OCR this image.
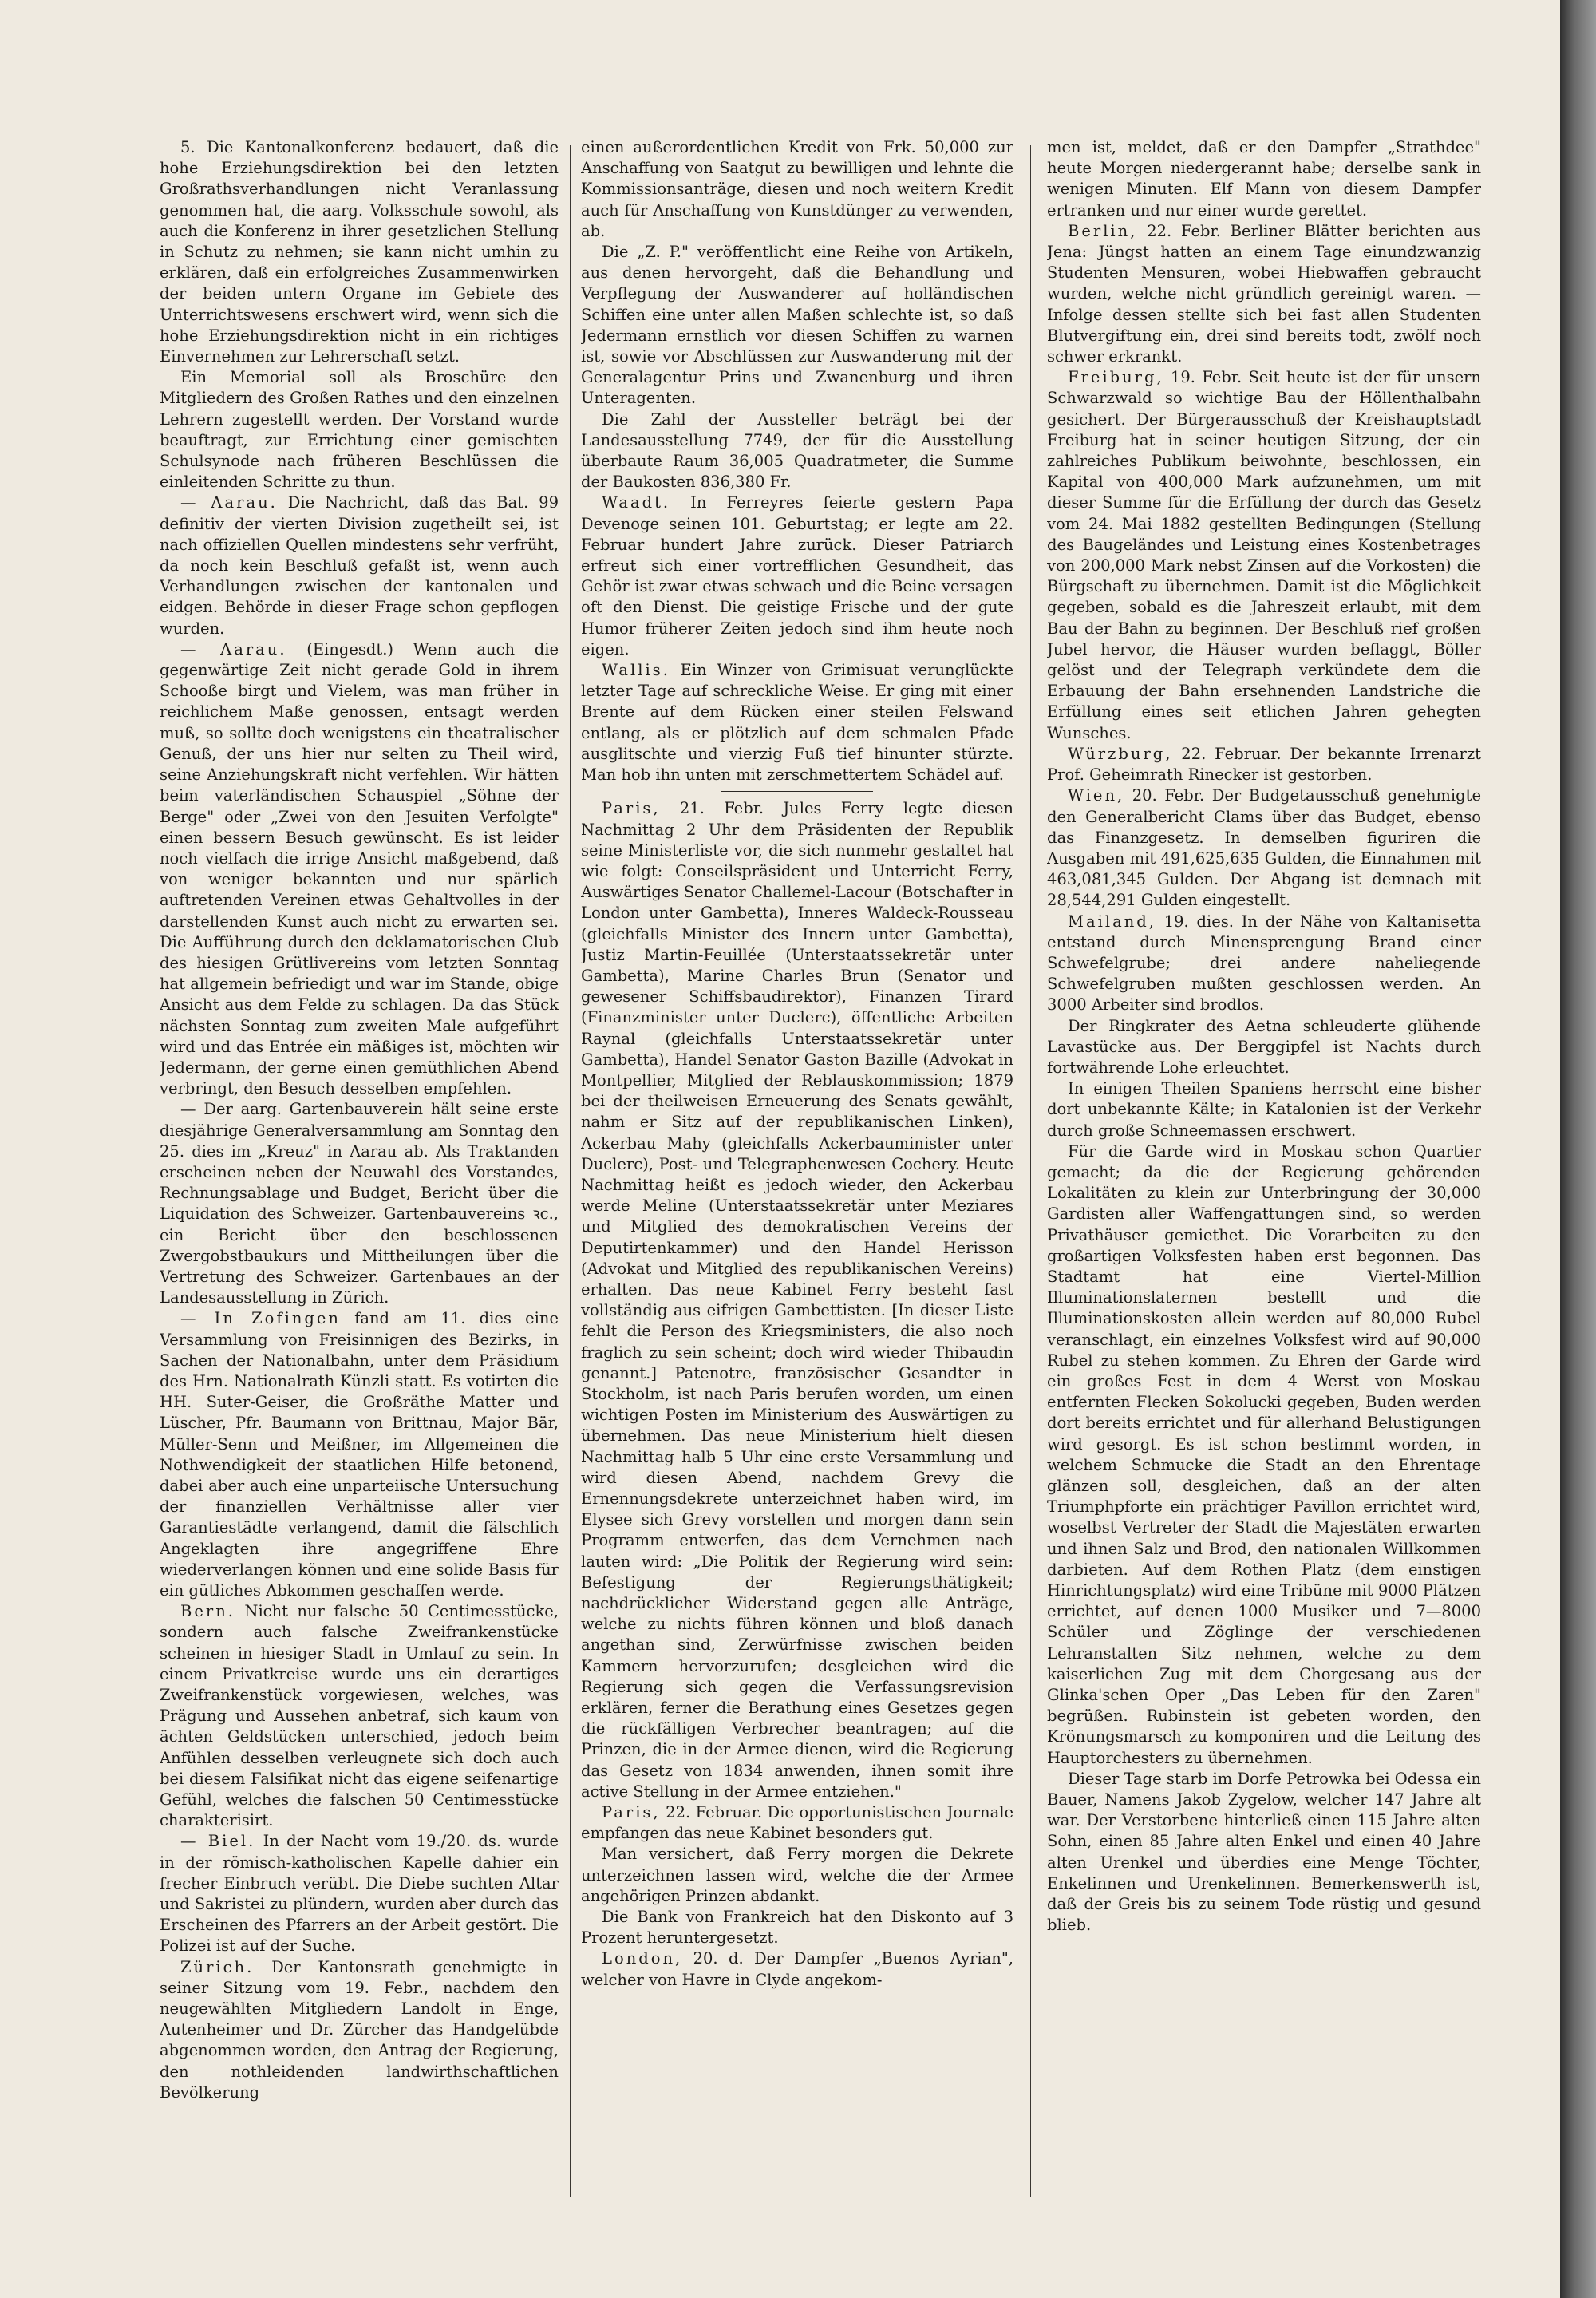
5. Die Kantonalkonferenz bedauert, daß die hohe Erziehungsdirektion bei den letzten Großrathsverhandlungen nicht Veranlassung genommen hat, die aarg. Volksschule sowohl, als auch die Konferenz in ihrer gesetzlichen Stellung in Schutz zu nehmen; sie kann nicht umhin zu erklären, daß ein erfolgreiches Zusammenwirken der beiden untern Organe im Gebiete des Unterrichtswesens erschwert wird, wenn sich die hohe Erziehungsdirektion nicht in ein richtiges Einvernehmen zur Lehrerschaft setzt.

Ein Memorial soll als Broschüre den Mitgliedern des Großen Rathes und den einzelnen Lehrern zugestellt werden. Der Vorstand wurde beauftragt, zur Errichtung einer gemischten Schulsynode nach früheren Beschlüssen die einleitenden Schritte zu thun.

— Aarau. Die Nachricht, daß das Bat. 99 definitiv der vierten Division zugetheilt sei, ist nach offiziellen Quellen mindestens sehr verfrüht, da noch kein Beschluß gefaßt ist, wenn auch Verhandlungen zwischen der kantonalen und eidgen. Behörde in dieser Frage schon gepflogen wurden.

— Aarau. (Eingesdt.) Wenn auch die gegenwärtige Zeit nicht gerade Gold in ihrem Schooße birgt und Vielem, was man früher in reichlichem Maße genossen, entsagt werden muß, so sollte doch wenigstens ein theatralischer Genuß, der uns hier nur selten zu Theil wird, seine Anziehungskraft nicht verfehlen. Wir hätten beim vaterländischen Schauspiel „Söhne der Berge" oder „Zwei von den Jesuiten Verfolgte" einen bessern Besuch gewünscht. Es ist leider noch vielfach die irrige Ansicht maßgebend, daß von weniger bekannten und nur spärlich auftretenden Vereinen etwas Gehaltvolles in der darstellenden Kunst auch nicht zu erwarten sei. Die Aufführung durch den deklamatorischen Club des hiesigen Grütlivereins vom letzten Sonntag hat allgemein befriedigt und war im Stande, obige Ansicht aus dem Felde zu schlagen. Da das Stück nächsten Sonntag zum zweiten Male aufgeführt wird und das Entrée ein mäßiges ist, möchten wir Jedermann, der gerne einen gemüthlichen Abend verbringt, den Besuch desselben empfehlen.

— Der aarg. Gartenbauverein hält seine erste diesjährige Generalversammlung am Sonntag den 25. dies im „Kreuz" in Aarau ab. Als Traktanden erscheinen neben der Neuwahl des Vorstandes, Rechnungsablage und Budget, Bericht über die Liquidation des Schweizer. Gartenbauvereins ꝛc., ein Bericht über den beschlossenen Zwergobstbaukurs und Mittheilungen über die Vertretung des Schweizer. Gartenbaues an der Landesausstellung in Zürich.

— In Zofingen fand am 11. dies eine Versammlung von Freisinnigen des Bezirks, in Sachen der Nationalbahn, unter dem Präsidium des Hrn. Nationalrath Künzli statt. Es votirten die HH. Suter-Geiser, die Großräthe Matter und Lüscher, Pfr. Baumann von Brittnau, Major Bär, Müller-Senn und Meißner, im Allgemeinen die Nothwendigkeit der staatlichen Hilfe betonend, dabei aber auch eine unparteiische Untersuchung der finanziellen Verhältnisse aller vier Garantiestädte verlangend, damit die fälschlich Angeklagten ihre angegriffene Ehre wiederverlangen können und eine solide Basis für ein gütliches Abkommen geschaffen werde.

Bern. Nicht nur falsche 50 Centimesstücke, sondern auch falsche Zweifrankenstücke scheinen in hiesiger Stadt in Umlauf zu sein. In einem Privatkreise wurde uns ein derartiges Zweifrankenstück vorgewiesen, welches, was Prägung und Aussehen anbetraf, sich kaum von ächten Geldstücken unterschied, jedoch beim Anfühlen desselben verleugnete sich doch auch bei diesem Falsifikat nicht das eigene seifenartige Gefühl, welches die falschen 50 Centimesstücke charakterisirt.

— Biel. In der Nacht vom 19./20. ds. wurde in der römisch-katholischen Kapelle dahier ein frecher Einbruch verübt. Die Diebe suchten Altar und Sakristei zu plündern, wurden aber durch das Erscheinen des Pfarrers an der Arbeit gestört. Die Polizei ist auf der Suche.

Zürich. Der Kantonsrath genehmigte in seiner Sitzung vom 19. Febr., nachdem den neugewählten Mitgliedern Landolt in Enge, Autenheimer und Dr. Zürcher das Handgelübde abgenommen worden, den Antrag der Regierung, den nothleidenden landwirthschaftlichen Bevölkerung

einen außerordentlichen Kredit von Frk. 50,000 zur Anschaffung von Saatgut zu bewilligen und lehnte die Kommissionsanträge, diesen und noch weitern Kredit auch für Anschaffung von Kunstdünger zu verwenden, ab.

Die „Z. P." veröffentlicht eine Reihe von Artikeln, aus denen hervorgeht, daß die Behandlung und Verpflegung der Auswanderer auf holländischen Schiffen eine unter allen Maßen schlechte ist, so daß Jedermann ernstlich vor diesen Schiffen zu warnen ist, sowie vor Abschlüssen zur Auswanderung mit der Generalagentur Prins und Zwanenburg und ihren Unteragenten.

Die Zahl der Aussteller beträgt bei der Landesausstellung 7749, der für die Ausstellung überbaute Raum 36,005 Quadratmeter, die Summe der Baukosten 836,380 Fr.

Waadt. In Ferreyres feierte gestern Papa Devenoge seinen 101. Geburtstag; er legte am 22. Februar hundert Jahre zurück. Dieser Patriarch erfreut sich einer vortrefflichen Gesundheit, das Gehör ist zwar etwas schwach und die Beine versagen oft den Dienst. Die geistige Frische und der gute Humor früherer Zeiten jedoch sind ihm heute noch eigen.

Wallis. Ein Winzer von Grimisuat verunglückte letzter Tage auf schreckliche Weise. Er ging mit einer Brente auf dem Rücken einer steilen Felswand entlang, als er plötzlich auf dem schmalen Pfade ausglitschte und vierzig Fuß tief hinunter stürzte. Man hob ihn unten mit zerschmettertem Schädel auf.

Paris, 21. Febr. Jules Ferry legte diesen Nachmittag 2 Uhr dem Präsidenten der Republik seine Ministerliste vor, die sich nunmehr gestaltet hat wie folgt: Conseilspräsident und Unterricht Ferry, Auswärtiges Senator Challemel-Lacour (Botschafter in London unter Gambetta), Inneres Waldeck-Rousseau (gleichfalls Minister des Innern unter Gambetta), Justiz Martin-Feuillée (Unterstaatssekretär unter Gambetta), Marine Charles Brun (Senator und gewesener Schiffsbaudirektor), Finanzen Tirard (Finanzminister unter Duclerc), öffentliche Arbeiten Raynal (gleichfalls Unterstaatssekretär unter Gambetta), Handel Senator Gaston Bazille (Advokat in Montpellier, Mitglied der Reblauskommission; 1879 bei der theilweisen Erneuerung des Senats gewählt, nahm er Sitz auf der republikanischen Linken), Ackerbau Mahy (gleichfalls Ackerbauminister unter Duclerc), Post- und Telegraphenwesen Cochery. Heute Nachmittag heißt es jedoch wieder, den Ackerbau werde Meline (Unterstaatssekretär unter Meziares und Mitglied des demokratischen Vereins der Deputirtenkammer) und den Handel Herisson (Advokat und Mitglied des republikanischen Vereins) erhalten. Das neue Kabinet Ferry besteht fast vollständig aus eifrigen Gambettisten. [In dieser Liste fehlt die Person des Kriegsministers, die also noch fraglich zu sein scheint; doch wird wieder Thibaudin genannt.] Patenotre, französischer Gesandter in Stockholm, ist nach Paris berufen worden, um einen wichtigen Posten im Ministerium des Auswärtigen zu übernehmen. Das neue Ministerium hielt diesen Nachmittag halb 5 Uhr eine erste Versammlung und wird diesen Abend, nachdem Grevy die Ernennungsdekrete unterzeichnet haben wird, im Elysee sich Grevy vorstellen und morgen dann sein Programm entwerfen, das dem Vernehmen nach lauten wird: „Die Politik der Regierung wird sein: Befestigung der Regierungsthätigkeit; nachdrücklicher Widerstand gegen alle Anträge, welche zu nichts führen können und bloß danach angethan sind, Zerwürfnisse zwischen beiden Kammern hervorzurufen; desgleichen wird die Regierung sich gegen die Verfassungsrevision erklären, ferner die Berathung eines Gesetzes gegen die rückfälligen Verbrecher beantragen; auf die Prinzen, die in der Armee dienen, wird die Regierung das Gesetz von 1834 anwenden, ihnen somit ihre active Stellung in der Armee entziehen."

Paris, 22. Februar. Die opportunistischen Journale empfangen das neue Kabinet besonders gut.

Man versichert, daß Ferry morgen die Dekrete unterzeichnen lassen wird, welche die der Armee angehörigen Prinzen abdankt.

Die Bank von Frankreich hat den Diskonto auf 3 Prozent heruntergesetzt.

London, 20. d. Der Dampfer „Buenos Ayrian", welcher von Havre in Clyde angekom-

men ist, meldet, daß er den Dampfer „Strathdee" heute Morgen niedergerannt habe; derselbe sank in wenigen Minuten. Elf Mann von diesem Dampfer ertranken und nur einer wurde gerettet.

Berlin, 22. Febr. Berliner Blätter berichten aus Jena: Jüngst hatten an einem Tage einundzwanzig Studenten Mensuren, wobei Hiebwaffen gebraucht wurden, welche nicht gründlich gereinigt waren. — Infolge dessen stellte sich bei fast allen Studenten Blutvergiftung ein, drei sind bereits todt, zwölf noch schwer erkrankt.

Freiburg, 19. Febr. Seit heute ist der für unsern Schwarzwald so wichtige Bau der Höllenthalbahn gesichert. Der Bürgerausschuß der Kreishauptstadt Freiburg hat in seiner heutigen Sitzung, der ein zahlreiches Publikum beiwohnte, beschlossen, ein Kapital von 400,000 Mark aufzunehmen, um mit dieser Summe für die Erfüllung der durch das Gesetz vom 24. Mai 1882 gestellten Bedingungen (Stellung des Baugeländes und Leistung eines Kostenbetrages von 200,000 Mark nebst Zinsen auf die Vorkosten) die Bürgschaft zu übernehmen. Damit ist die Möglichkeit gegeben, sobald es die Jahreszeit erlaubt, mit dem Bau der Bahn zu beginnen. Der Beschluß rief großen Jubel hervor, die Häuser wurden beflaggt, Böller gelöst und der Telegraph verkündete dem die Erbauung der Bahn ersehnenden Landstriche die Erfüllung eines seit etlichen Jahren gehegten Wunsches.

Würzburg, 22. Februar. Der bekannte Irrenarzt Prof. Geheimrath Rinecker ist gestorben.

Wien, 20. Febr. Der Budgetausschuß genehmigte den Generalbericht Clams über das Budget, ebenso das Finanzgesetz. In demselben figuriren die Ausgaben mit 491,625,635 Gulden, die Einnahmen mit 463,081,345 Gulden. Der Abgang ist demnach mit 28,544,291 Gulden eingestellt.

Mailand, 19. dies. In der Nähe von Kaltanisetta entstand durch Minensprengung Brand einer Schwefelgrube; drei andere naheliegende Schwefelgruben mußten geschlossen werden. An 3000 Arbeiter sind brodlos.

Der Ringkrater des Aetna schleuderte glühende Lavastücke aus. Der Berggipfel ist Nachts durch fortwährende Lohe erleuchtet.

In einigen Theilen Spaniens herrscht eine bisher dort unbekannte Kälte; in Katalonien ist der Verkehr durch große Schneemassen erschwert.

Für die Garde wird in Moskau schon Quartier gemacht; da die der Regierung gehörenden Lokalitäten zu klein zur Unterbringung der 30,000 Gardisten aller Waffengattungen sind, so werden Privathäuser gemiethet. Die Vorarbeiten zu den großartigen Volksfesten haben erst begonnen. Das Stadtamt hat eine Viertel-Million Illuminationslaternen bestellt und die Illuminationskosten allein werden auf 80,000 Rubel veranschlagt, ein einzelnes Volksfest wird auf 90,000 Rubel zu stehen kommen. Zu Ehren der Garde wird ein großes Fest in dem 4 Werst von Moskau entfernten Flecken Sokolucki gegeben, Buden werden dort bereits errichtet und für allerhand Belustigungen wird gesorgt. Es ist schon bestimmt worden, in welchem Schmucke die Stadt an den Ehrentage glänzen soll, desgleichen, daß an der alten Triumphpforte ein prächtiger Pavillon errichtet wird, woselbst Vertreter der Stadt die Majestäten erwarten und ihnen Salz und Brod, den nationalen Willkommen darbieten. Auf dem Rothen Platz (dem einstigen Hinrichtungsplatz) wird eine Tribüne mit 9000 Plätzen errichtet, auf denen 1000 Musiker und 7—8000 Schüler und Zöglinge der verschiedenen Lehranstalten Sitz nehmen, welche zu dem kaiserlichen Zug mit dem Chorgesang aus der Glinka'schen Oper „Das Leben für den Zaren" begrüßen. Rubinstein ist gebeten worden, den Krönungsmarsch zu komponiren und die Leitung des Hauptorchesters zu übernehmen.

Dieser Tage starb im Dorfe Petrowka bei Odessa ein Bauer, Namens Jakob Zygelow, welcher 147 Jahre alt war. Der Verstorbene hinterließ einen 115 Jahre alten Sohn, einen 85 Jahre alten Enkel und einen 40 Jahre alten Urenkel und überdies eine Menge Töchter, Enkelinnen und Urenkelinnen. Bemerkenswerth ist, daß der Greis bis zu seinem Tode rüstig und gesund blieb.
